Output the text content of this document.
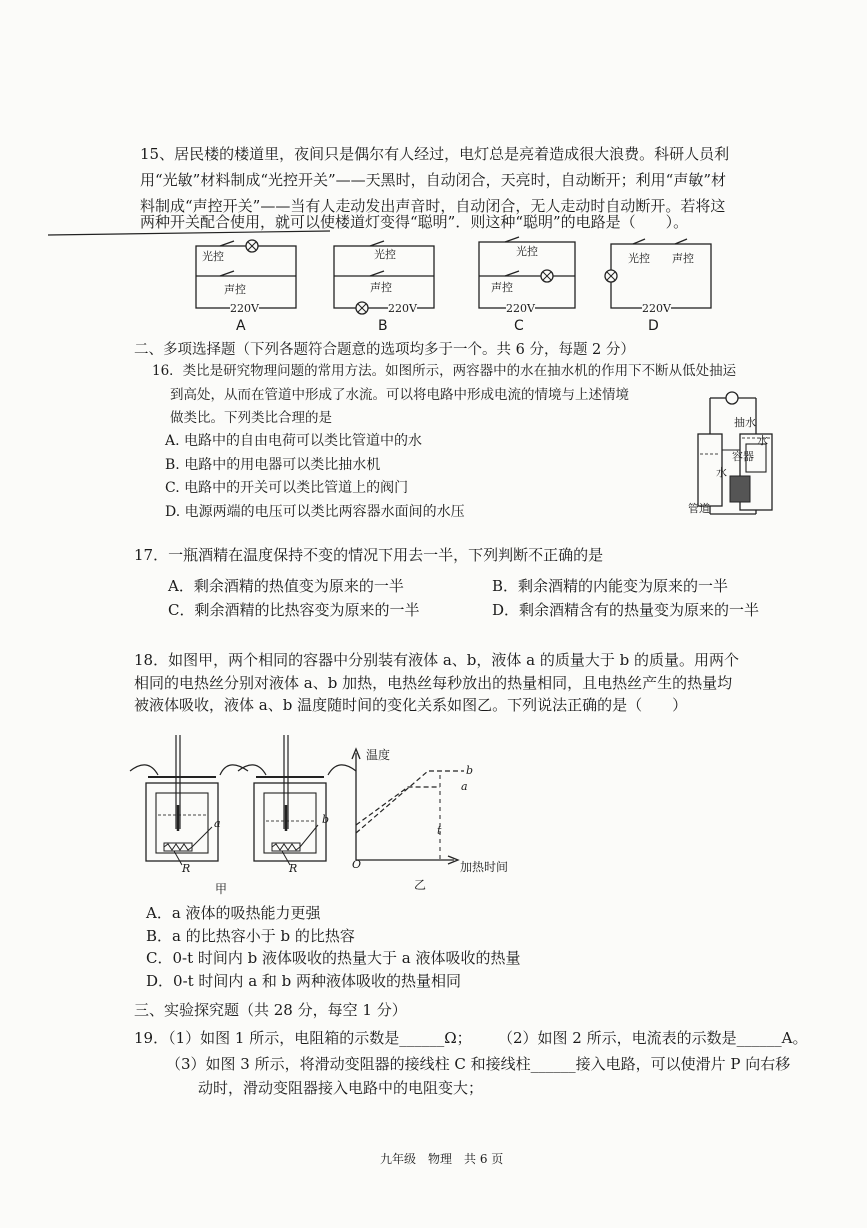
15、居民楼的楼道里，夜间只是偶尔有人经过，电灯总是亮着造成很大浪费。科研人员利
用“光敏”材料制成“光控开关”——天黑时，自动闭合，天亮时，自动断开；利用“声敏”材
料制成“声控开关”——当有人走动发出声音时，自动闭合，无人走动时自动断开。若将这
两种开关配合使用，就可以使楼道灯变得“聪明”．则这种“聪明”的电路是（　　）。
光控
声控
220V
A
光控
声控
220V
B
光控
声控
220V
C
光控 声控
220V
D
二、多项选择题（下列各题符合题意的选项均多于一个。共 6 分，每题 2 分）
16．类比是研究物理问题的常用方法。如图所示，两容器中的水在抽水机的作用下不断从低处抽运
到高处，从而在管道中形成了水流。可以将电路中形成电流的情境与上述情境
做类比。下列类比合理的是
A. 电路中的自由电荷可以类比管道中的水
B. 电路中的用电器可以类比抽水机
C. 电路中的开关可以类比管道上的阀门
D. 电源两端的电压可以类比两容器水面间的水压
抽水
水
容器
水
管道
17．一瓶酒精在温度保持不变的情况下用去一半，下列判断不正确的是
A．剩余酒精的热值变为原来的一半	B．剩余酒精的内能变为原来的一半
C．剩余酒精的比热容变为原来的一半	D．剩余酒精含有的热量变为原来的一半
18．如图甲，两个相同的容器中分别装有液体 a、b，液体 a 的质量大于 b 的质量。用两个
相同的电热丝分别对液体 a、b 加热，电热丝每秒放出的热量相同，且电热丝产生的热量均
被液体吸收，液体 a、b 温度随时间的变化关系如图乙。下列说法正确的是（　　）
a	b
R	R
甲
温度
b
a
t
O	加热时间
乙
A．a 液体的吸热能力更强
B．a 的比热容小于 b 的比热容
C．0-t 时间内 b 液体吸收的热量大于 a 液体吸收的热量
D．0-t 时间内 a 和 b 两种液体吸收的热量相同
三、实验探究题（共 28 分，每空 1 分）
19．（1）如图 1 所示，电阻箱的示数是______Ω； （2）如图 2 所示，电流表的示数是______A。
（3）如图 3 所示，将滑动变阻器的接线柱 C 和接线柱______接入电路，可以使滑片 P 向右移
动时，滑动变阻器接入电路中的电阻变大；
九年级　物理　共 6 页
